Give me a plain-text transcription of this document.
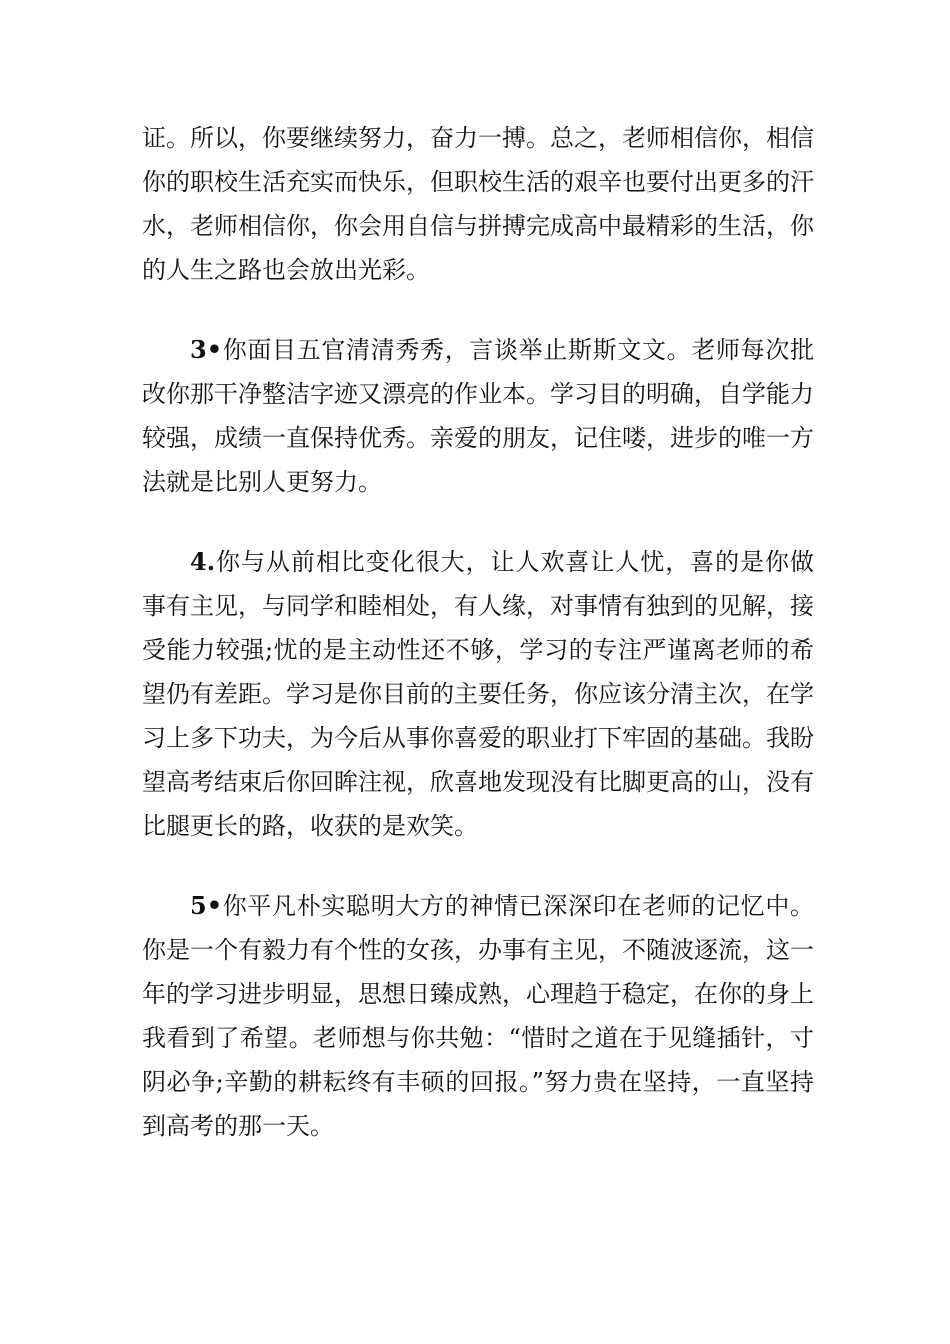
证。所以，你要继续努力，奋力一搏。总之，老师相信你，相信你的职校生活充实而快乐，但职校生活的艰辛也要付出更多的汗水，老师相信你，你会用自信与拼搏完成高中最精彩的生活，你的人生之路也会放出光彩。

3•你面目五官清清秀秀，言谈举止斯斯文文。老师每次批改你那干净整洁字迹又漂亮的作业本。学习目的明确，自学能力较强，成绩一直保持优秀。亲爱的朋友，记住喽，进步的唯一方法就是比别人更努力。

4.你与从前相比变化很大，让人欢喜让人忧，喜的是你做事有主见，与同学和睦相处，有人缘，对事情有独到的见解，接受能力较强;忧的是主动性还不够，学习的专注严谨离老师的希望仍有差距。学习是你目前的主要任务，你应该分清主次，在学习上多下功夫，为今后从事你喜爱的职业打下牢固的基础。我盼望高考结束后你回眸注视，欣喜地发现没有比脚更高的山，没有比腿更长的路，收获的是欢笑。

5•你平凡朴实聪明大方的神情已深深印在老师的记忆中。你是一个有毅力有个性的女孩，办事有主见，不随波逐流，这一年的学习进步明显，思想日臻成熟，心理趋于稳定，在你的身上我看到了希望。老师想与你共勉：“惜时之道在于见缝插针，寸阴必争;辛勤的耕耘终有丰硕的回报。”努力贵在坚持，一直坚持到高考的那一天。
